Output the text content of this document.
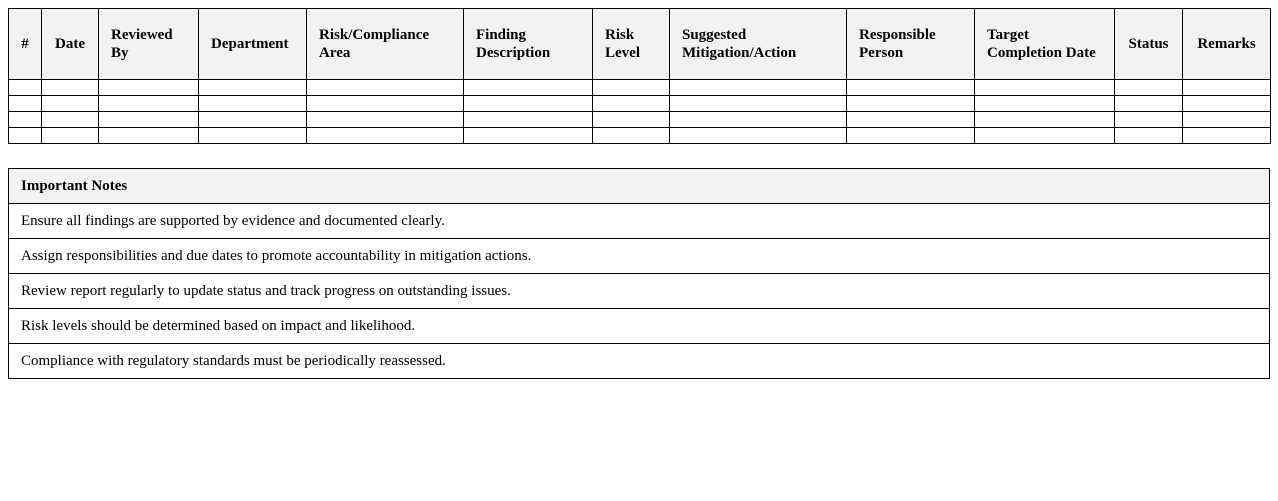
#	Date	Reviewed By	Department	Risk/Compliance Area	Finding Description	Risk Level	Suggested Mitigation/Action	Responsible Person	Target Completion Date	Status	Remarks

Important Notes
Ensure all findings are supported by evidence and documented clearly.
Assign responsibilities and due dates to promote accountability in mitigation actions.
Review report regularly to update status and track progress on outstanding issues.
Risk levels should be determined based on impact and likelihood.
Compliance with regulatory standards must be periodically reassessed.
